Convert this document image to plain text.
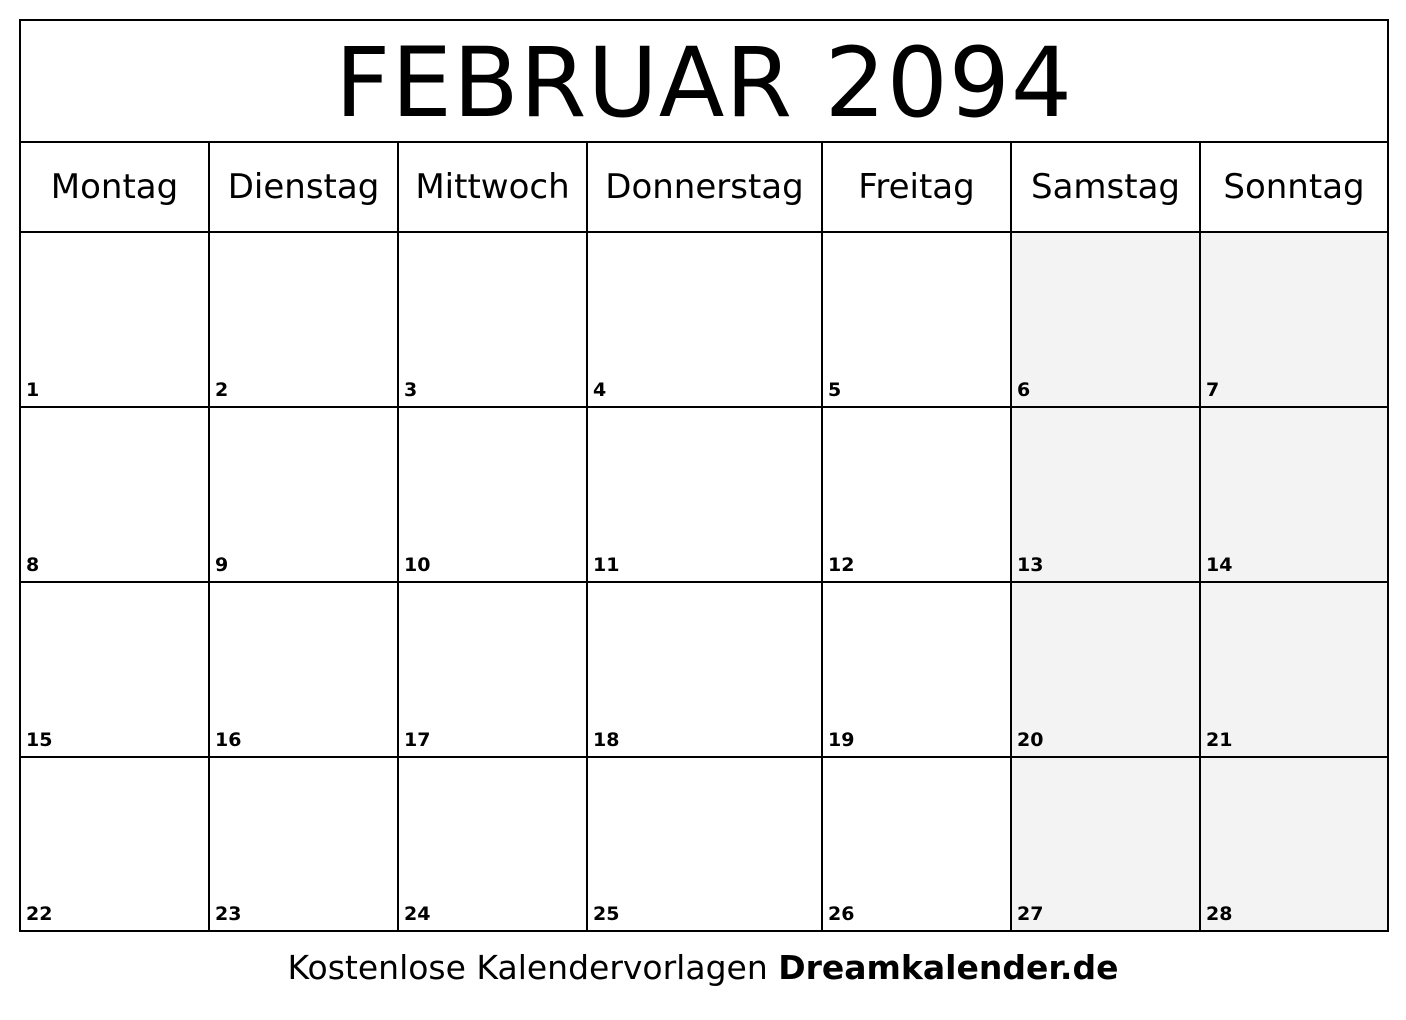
FEBRUAR 2094
Montag	Dienstag	Mittwoch	Donnerstag	Freitag	Samstag	Sonntag
1	2	3	4	5	6	7
8	9	10	11	12	13	14
15	16	17	18	19	20	21
22	23	24	25	26	27	28
Kostenlose Kalendervorlagen Dreamkalender.de
